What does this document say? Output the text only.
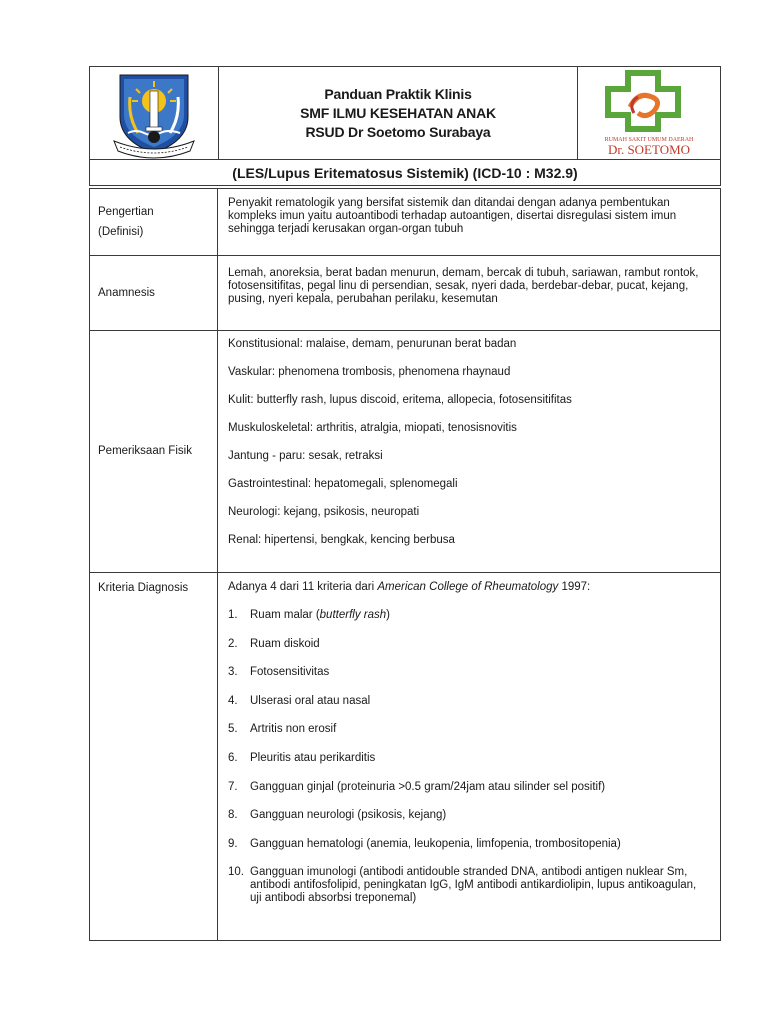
Panduan Praktik Klinis
SMF ILMU KESEHATAN ANAK
RSUD Dr Soetomo Surabaya
RUMAH SAKIT UMUM DAERAH
Dr. SOETOMO
(LES/Lupus Eritematosus Sistemik) (ICD-10 : M32.9)
Pengertian
(Definisi)
Penyakit rematologik yang bersifat sistemik dan ditandai dengan adanya pembentukan kompleks imun yaitu autoantibodi terhadap autoantigen, disertai disregulasi sistem imun sehingga terjadi kerusakan organ-organ tubuh
Anamnesis
Lemah, anoreksia, berat badan menurun, demam, bercak di tubuh, sariawan, rambut rontok, fotosensitifitas, pegal linu di persendian, sesak, nyeri dada, berdebar-debar, pucat, kejang, pusing, nyeri kepala, perubahan perilaku, kesemutan
Pemeriksaan Fisik
Konstitusional: malaise, demam, penurunan berat badan
Vaskular: phenomena trombosis, phenomena rhaynaud
Kulit: butterfly rash, lupus discoid, eritema, allopecia, fotosensitifitas
Muskuloskeletal: arthritis, atralgia, miopati, tenosisnovitis
Jantung - paru: sesak, retraksi
Gastrointestinal: hepatomegali, splenomegali
Neurologi: kejang, psikosis, neuropati
Renal: hipertensi, bengkak, kencing berbusa
Kriteria Diagnosis	Adanya 4 dari 11 kriteria dari American College of Rheumatology 1997:
1. Ruam malar (butterfly rash)
2. Ruam diskoid
3. Fotosensitivitas
4. Ulserasi oral atau nasal
5. Artritis non erosif
6. Pleuritis atau perikarditis
7. Gangguan ginjal (proteinuria >0.5 gram/24jam atau silinder sel positif)
8. Gangguan neurologi (psikosis, kejang)
9. Gangguan hematologi (anemia, leukopenia, limfopenia, trombositopenia)
10. Gangguan imunologi (antibodi antidouble stranded DNA, antibodi antigen nuklear Sm, antibodi antifosfolipid, peningkatan IgG, IgM antibodi antikardiolipin, lupus antikoagulan, uji antibodi absorbsi treponemal)
